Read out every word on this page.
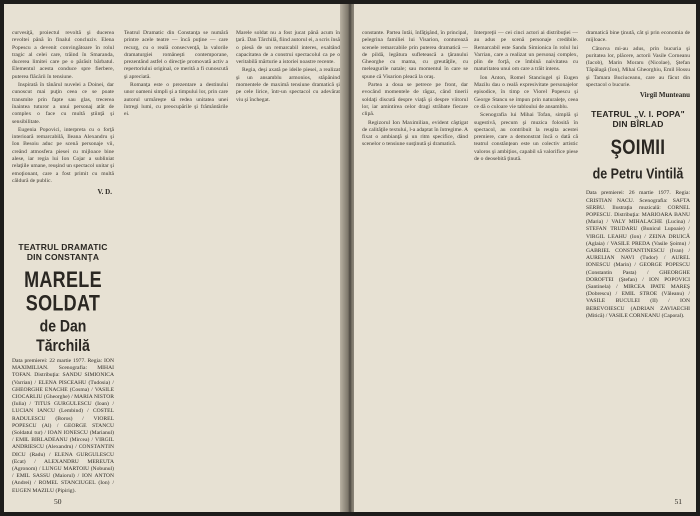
curvesiţă, proiectul revoltă şi ducerea revoltei până în finalul concluziv. Elena Popescu a devenit convingătoare în rolul tragic al celei care, trăind în Smaranda, ducerea limitei care pe o părăsit bărbatul. Elementul acesta conduce spre fierbere, puterea flăcării în tensiune.

Inspirată în tânărul nuvelei a Doinei, dar cunoscut mai puţin ceea ce se poate transmite prin fapte sau glas, trecerea înaintea tuturor a unui personaj atât de complex o face cu multă ştiinţă şi sensibilitate.

Eugenia Popovici, interpreta cu o forţă interioară remarcabilă, Ileana Alexandru şi Ion Besoiu aduc pe scenă personaje vii, creând atmosfera piesei cu mijloace bine alese, iar regia lui Ion Cojar a subliniat relaţiile umane, reuşind un spectacol unitar şi emoţionant, care a fost primit cu multă căldură de public.

V. D.
TEATRUL DRAMATIC DIN CONSTANŢA
MARELE SOLDAT
de Dan Tărchilă

Data premierei: 22 martie 1977. Regia: ION MAXIMILIAN. Scenografia: MIHAI TOFAN. Distribuţia: SANDU SIMIONICA (Varrian) / ELENA PISCEAHU (Tudosia) / GHEORGHE ENACHE (Cosma) / VASILE CIOCARLIU (Gheorghe) / MARIA NISTOR (Iulia) / TITUS GURGULESCU (Ioan) / LUCIAN IANCU (Lembind) / COSTEL RADULESCU (Boros) / VIOREL POPESCU (Al) / GEORGE STANCU (Soldatul tur) / IOAN IONESCU (Marianul) / EMIL BIRLADEANU (Mircea) / VIRGIL ANDRIESCU (Alexandru) / CONSTANTIN DICU (Radu) / ELENA GURGULESCU (Ecat) / ALEXANDRU MEREUTA (Agronom) / LUNGU MARTOIU (Nobunul) / EMIL SASSU (Maiorul) / ION ANTON (Andrei) / ROMEL STANCIUGEL (Ion) / EUGEN MAZILU (Pipirig).

Teatrul Dramatic din Constanţa se numără printre acele teatre — încă puţine — care recurg, cu o reală consecvenţă, la valorile dramaturgiei româneşti contemporane, prezentând astfel o direcţie promovată activ a repertoriului original, ce merită a fi cunoscută şi apreciată.

Romanţa este o prezentare a destinului unor oameni simpli şi a timpului lor, prin care autorul urmăreşte să redea unitatea unei întregi lumi, cu preocupările şi frământările ei.

Marele soldat nu a fost jucat până acum în ţară. Dan Tărchilă, fiind autorul ei, a scris însă o piesă de un remarcabil interes, exaltând capacitatea de a construi spectacolul ca pe o veritabilă mărturie a istoriei noastre recente.

Regia, deşi axată pe ideile piesei, a realizat şi un ansamblu armonios, stăpânind momentele de maximă tensiune dramatică şi pe cele lirice, într-un spectacol cu adevărat viu şi închegat.

50

constante. Partea întâi, înfăţişând, în principal, pelegrina familiei lui Visarion, conturează scenele remarcabile prin puterea dramatică — de pildă, legătura sufletească a ţăranului Gheorghe cu mama, cu greutăţile, cu meleagurile natale; sau momentul în care se spune că Visarion pleacă la oraş.

Partea a doua se petrece pe front, dar evocând momentele de răgaz, când tinerii soldaţi discută despre viaţă şi despre viitorul lor, iar amintirea celor dragi străbate fiecare clipă.

Regizorul Ion Maximilian, evident câştigat de calităţile textului, l-a adaptat în întregime. A fixat o ambianţă şi un ritm specifice, dând scenelor o tensiune susţinută şi dramatică.

Interpreţii — cei cinci actori ai distribuţiei — au adus pe scenă personaje credibile. Remarcabil este Sandu Simionica în rolul lui Varrian, care a realizat un personaj complex, plin de forţă, ce îmbină naivitatea cu maturitatea unui om care a trăit intens.

Ion Anton, Romel Stanciugel şi Eugen Mazilu dau o reală expresivitate personajelor episodice, în timp ce Viorel Popescu şi George Stancu se impun prin naturaleţe, ceea ce dă o culoare vie tabloului de ansamblu.

Scenografia lui Mihai Tofan, simplă şi sugestivă, precum şi muzica folosită în spectacol, au contribuit la reuşita acestei premiere, care a demonstrat încă o dată că teatrul constănţean este un colectiv artistic valoros şi ambiţios, capabil să valorifice piese de o deosebită ţinută.

dramatică bine ţinută, cât şi prin economia de mijloace.

Câtorva mi-au adus, prin bucuria şi puritatea lor, plăcere, actorii Vasile Corneanu (Iacob), Marin Moraru (Nicolae), Ştefan Tăpălagă (Ion), Mihai Gheorghiu, Emil Hossu şi Tamara Buciuceanu, care au făcut din spectacol o bucurie.

Virgil Munteanu
TEATRUL „V. I. POPA" DIN BÎRLAD
ŞOIMII
de Petru Vintilă

Data premierei: 26 martie 1977. Regia: CRISTIAN NACU. Scenografia: SAFTA SERBU. Ilustraţia muzicală: CORNEL POPESCU. Distribuţia: MARIOARA BANU (Maria) / VALY MIHALACHE (Lucina) / STEFAN TRUDARU (Bunicul Lupoaie) / VIRGIL LEAHU (Ion) / ZEINA DRUICĂ (Aglaia) / VASILE PREDA (Vasile Şoimu) / GABRIEL CONSTANTINESCU (Ivan) / AURELIAN NAVI (Tudor) / AUREL IONESCU (Marin) / GEORGE POPESCU (Constantin Pasta) / GHEORGHE DOROFTEI (Ştefan) / ION POPOVICI (Santinela) / MIRCEA IPATE MAREŞ (Dobrescu) / EMIL STROE (Văleanu) / VASILE BUCULEI (II) / ION BEREVOIESCU (ADRIAN ZAVIAECHI (Mitică) / VASILE CORNEANU (Caporal).

51
